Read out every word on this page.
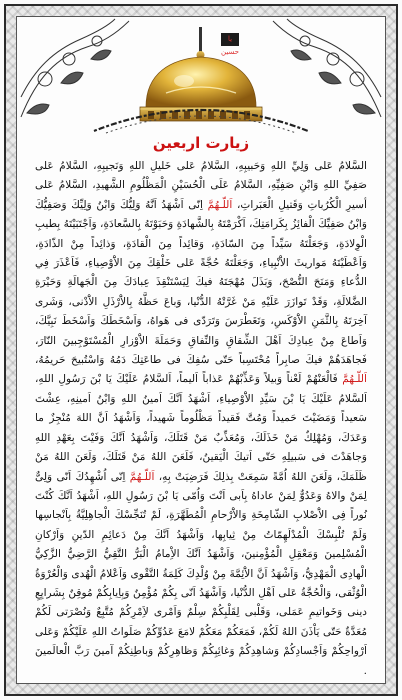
يا حسين
زيارت اربعين
السَّلامُ عَلى وَلِيِّ اللهِ وَحَبيبِهِ، السَّلامُ عَلى خَليلِ اللهِ وَنَجيبِهِ، السَّلامُ عَلى صَفِيِّ اللهِ وَابْنِ صَفِيِّهِ، السَّلامُ عَلَى الْحُسَيْنِ الْمَظْلُومِ الشَّهيدِ، السَّلامُ عَلى أسيرِ الْكُرُباتِ وَقَتيلِ الْعَبَراتِ، اَللّـهُمَّ اِنّى اَشْهَدُ اَنَّهُ وَلِيُّكَ وَابْنُ وَلِيِّكَ وَصَفِيُّكَ وَابْنُ صَفِيِّكَ الْفائِزُ بِكَرامَتِكَ، اَكْرَمْتَهُ بِالشَّهادَةِ وَحَبَوْتَهُ بِالسَّعادَةِ، وَاَجْتَبَيْتَهُ بِطيبِ الْوِلادَةِ، وَجَعَلْتَهُ سَيِّداً مِنَ السّادَةِ، وَقائِداً مِنَ الْقادَةِ، وَذائِداً مِنْ الذّادَةِ، وَاَعْطَيْتَهُ مَواريثَ الاَْنْبِياءِ، وَجَعَلْتَهُ حُجَّةً عَلى خَلْقِكَ مِنَ الاَْوْصِياءِ، فَاَعْذَرَ فِي الدُّعاءِ وَمَنَحَ النُّصْحَ، وَبَذَلَ مُهْجَتَهُ فيكَ لِيَسْتَنْقِذَ عِبادَكَ مِنَ الْجَهالَةِ وَحَيْرَةِ الضَّلالَةِ، وَقَدْ تَوازَرَ عَلَيْهِ مَنْ غَرَّتْهُ الدُّنْيا، وَباعَ حَظَّهُ بِالاَْرْذَلِ الاَْدْنى، وَشَرى آخِرَتَهُ بِالثَّمَنِ الاَْوْكَسِ، وَتَغَطْرَسَ وَتَرَدّى فى هَواهُ، وَاَسْخَطَكَ وَاَسْخَطَ نَبِيَّكَ، وَاَطاعَ مِنْ عِبادِكَ اَهْلَ الشِّقاقِ وَالنِّفاقِ وَحَمَلَةَ الاَْوْزارِ الْمُسْتَوْجِبينَ النّارَ، فَجاهَدَهُمْ فيكَ صابِراً مُحْتَسِباً حَتّى سُفِكَ فى طاعَتِكَ دَمُهُ وَاسْتُبيحَ حَريمُهُ، اَللّـهُمَّ فَالْعَنْهُمْ لَعْناً وَبيلاً وَعَذِّبْهُمْ عَذاباً اَليماً، اَلسَّلامُ عَلَيْكَ يَا بْنَ رَسُولِ اللهِ، اَلسَّلامُ عَلَيْكَ يَا بْنَ سَيِّدِ الاَْوْصِياءِ، اَشْهَدُ اَنَّكَ اَمينُ اللهِ وَابْنُ اَمينِهِ، عِشْتَ سَعيداً وَمَضَيْتَ حَميداً وَمُتَّ فَقيداً مَظْلُوماً شَهيداً، وَاَشْهَدُ اَنَّ اللهَ مُنْجِزٌ ما وَعَدَكَ، وَمُهْلِكٌ مَنْ خَذَلَكَ، وَمُعَذِّبٌ مَنْ قَتَلَكَ، وَاَشْهَدُ اَنَّكَ وَفَيْتَ بِعَهْدِ اللهِ وَجاهَدْتَ فى سَبيلِهِ حَتّى اَتيكَ الْيَقينُ، فَلَعَنَ اللهُ مَنْ قَتَلَكَ، وَلَعَنَ اللهُ مَنْ ظَلَمَكَ، وَلَعَنَ اللهُ اُمَّةً سَمِعَتْ بِذلِكَ فَرَضِيَتْ بِهِ، اَللّـهُمَّ اِنّى اُشْهِدُكَ اَنّى وَلِىٌّ لِمَنْ والاهُ وَعَدُوٌّ لِمَنْ عاداهُ بِاَبى اَنْتَ وَاُمّى يَا بْنَ رَسُولِ اللهِ، اَشْهَدُ اَنَّكَ كُنْتَ نُوراً فِى الاَْصْلابِ الشّامِخَةِ وَالاَْرْحامِ الْمُطَهَّرَةِ، لَمْ تُنَجِّسْكَ الْجاهِلِيَّةُ بِاَنْجاسِها وَلَمْ تُلْبِسْكَ الْمُدْلَهِمّاتُ مِنْ ثِيابِها، وَاَشْهَدُ اَنَّكَ مِنْ دَعائِمِ الدّينِ وَاَرْكانِ الْمُسْلِمينَ وَمَعْقِلِ الْمُؤْمِنينَ، وَاَشْهَدُ اَنَّكَ الاِْمامُ الْبَرُّ التَّقِيُّ الرَّضِيُّ الزَّكِيُّ الْهادِى الْمَهْدِيُّ، وَاَشْهَدُ اَنَّ الاَْئِمَّةَ مِنْ وُلْدِكَ كَلِمَةُ التَّقْوى وَاَعْلامُ الْهُدى وَالْعُرْوَةُ الْوُثْقى، وَالْحُجَّةُ عَلى اَهْلِ الدُّنْيا، وَاَشْهَدُ اَنّى بِكُمْ مُؤْمِنٌ وَبِاِيابِكُمْ مُوقِنٌ بِشَرايِعِ دينى وَخَواتيمِ عَمَلى، وَقَلْبى لِقَلْبِكُمْ سِلْمٌ وَاَمْرى لاَِمْرِكُمْ مُتَّبِعٌ وَنُصْرَتى لَكُمْ مُعَدَّةٌ حَتّى يَاْذَنَ اللهُ لَكُمْ، فَمَعَكُمْ مَعَكُمْ لامَعَ عَدُوِّكُمْ صَلَواتُ اللهِ عَلَيْكُمْ وَعَلى اَرْواحِكُمْ وَاَجْسادِكُمْ وَشاهِدِكُمْ وَغائِبِكُمْ وَظاهِرِكُمْ وَباطِنِكُمْ آمينَ رَبَّ الْعالَمينَ .
